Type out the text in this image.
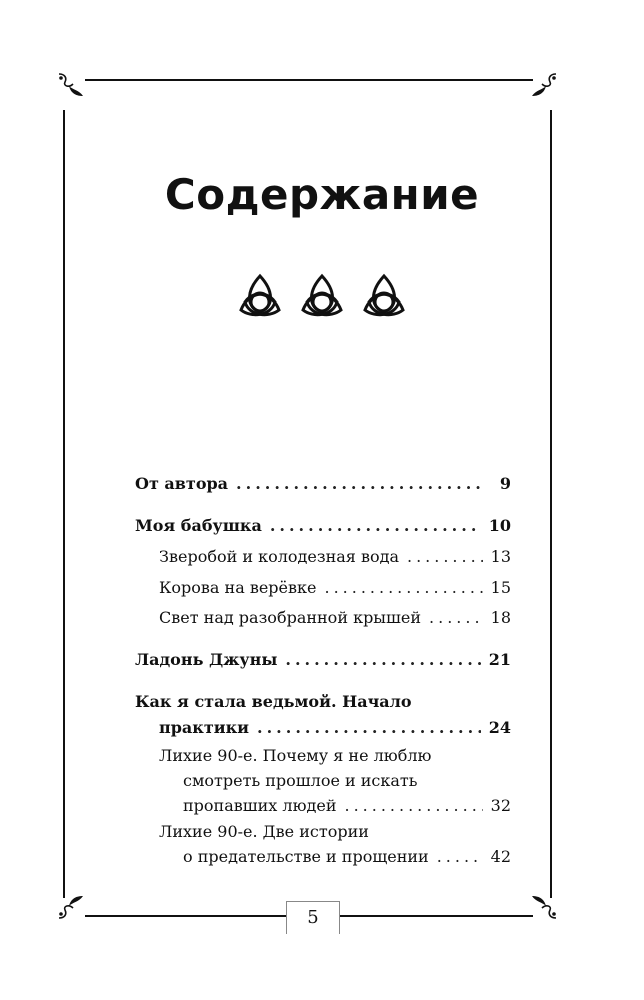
Содержание
От автора .....	9
Моя бабушка .....	10
Зверобой и колодезная вода .....	13
Корова на верёвке .....	15
Свет над разобранной крышей .....	18
Ладонь Джуны .....	21
Как я стала ведьмой. Начало
практики .....	24
Лихие 90-е. Почему я не люблю
смотреть прошлое и искать
пропавших людей .....	32
Лихие 90-е. Две истории
о предательстве и прощении .....	42
5
